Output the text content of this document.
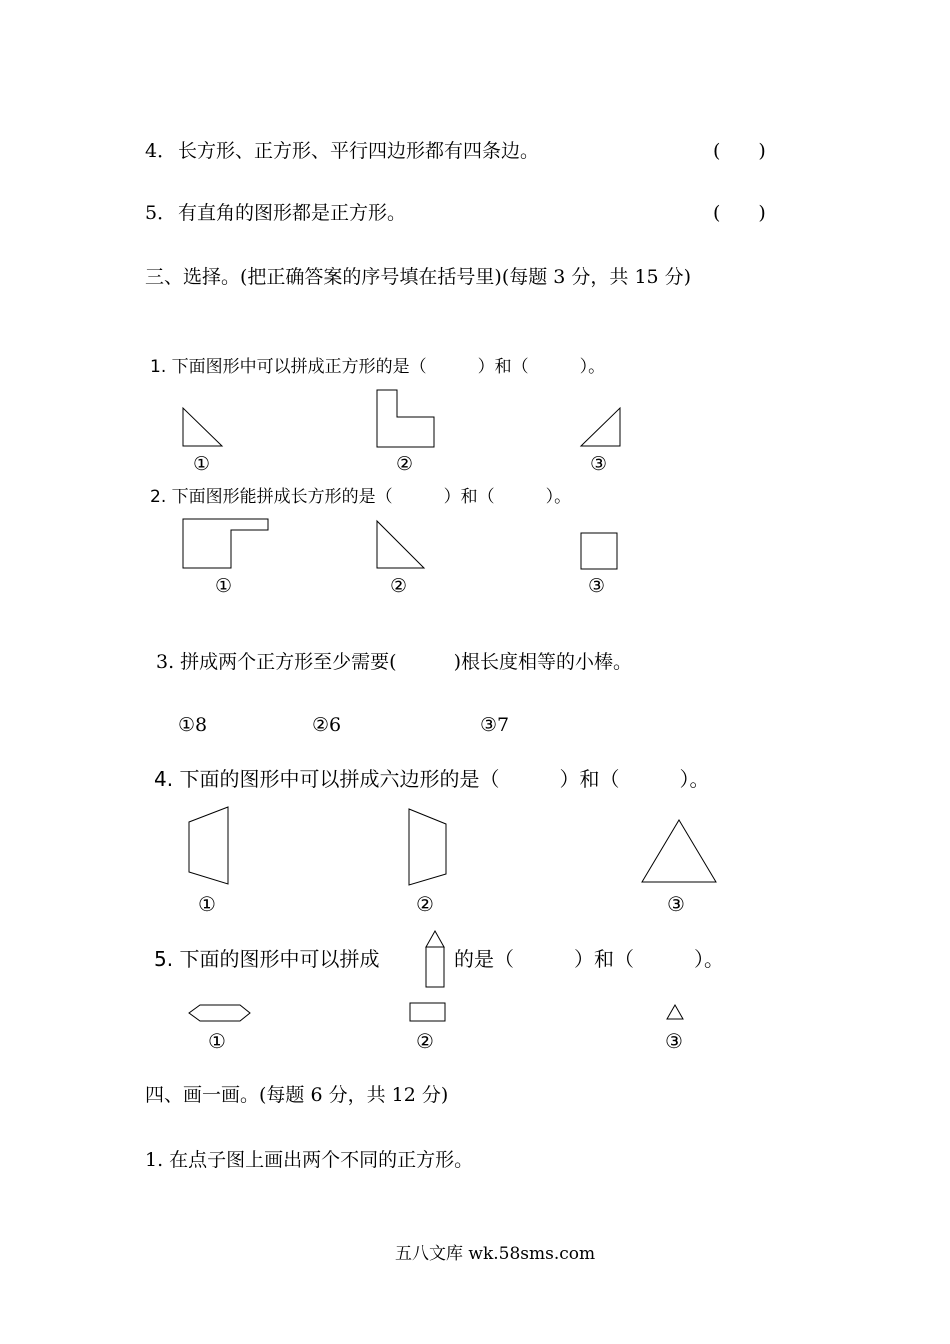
4． 长方形、正方形、平行四边形都有四条边。	(　　)
5． 有直角的图形都是正方形。	(　　)
三、选择。(把正确答案的序号填在括号里)(每题 3 分，共 15 分)
1. 下面图形中可以拼成正方形的是（　　　）和（　　　）。
①	②	③
2. 下面图形能拼成长方形的是（　　　）和（　　　）。
①	②	③
3. 拼成两个正方形至少需要(　　　)根长度相等的小棒。
①8	②6	③7
4. 下面的图形中可以拼成六边形的是（　　　）和（　　　）。
①	②	③
5. 下面的图形中可以拼成	的是（　　　）和（　　　）。
①	②	③
四、画一画。(每题 6 分，共 12 分)
1. 在点子图上画出两个不同的正方形。
五八文库 wk.58sms.com
